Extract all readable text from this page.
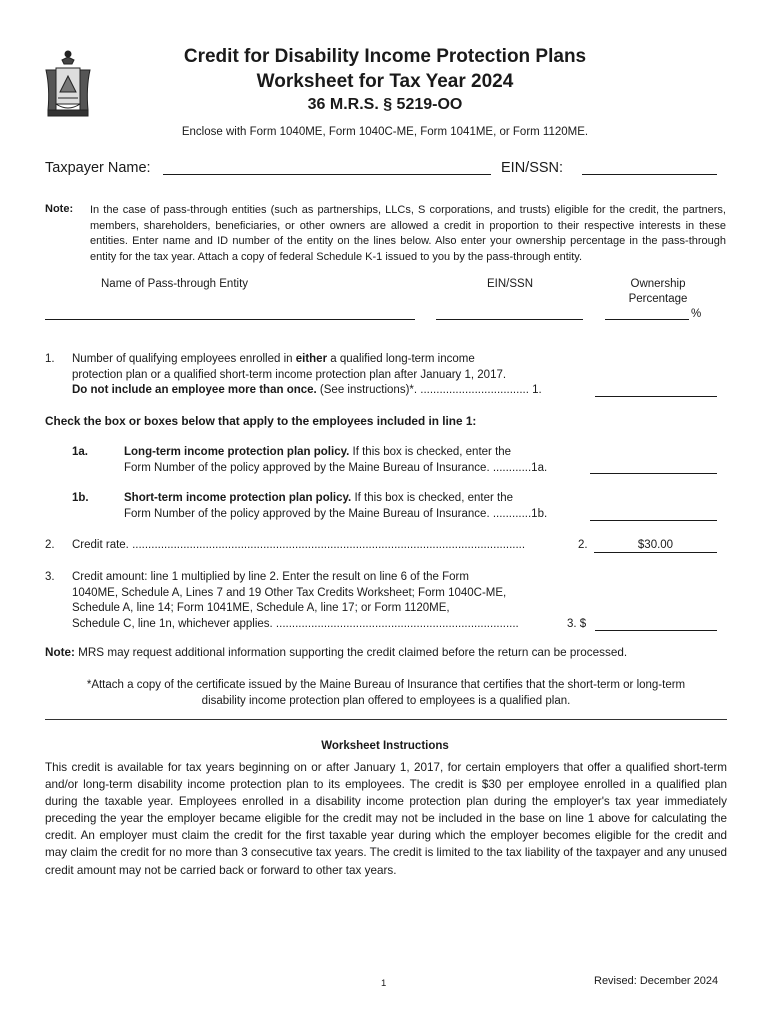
Credit for Disability Income Protection Plans
Worksheet for Tax Year 2024
36 M.R.S. § 5219-OO
Enclose with Form 1040ME, Form 1040C-ME, Form 1041ME, or Form 1120ME.
Taxpayer Name:	EIN/SSN:
Note: In the case of pass-through entities (such as partnerships, LLCs, S corporations, and trusts) eligible for the credit, the partners, members, shareholders, beneficiaries, or other owners are allowed a credit in proportion to their respective interests in these entities. Enter name and ID number of the entity on the lines below. Also enter your ownership percentage in the pass-through entity for the tax year. Attach a copy of federal Schedule K-1 issued to you by the pass-through entity.
Name of Pass-through Entity	EIN/SSN	Ownership
Percentage
%
1. Number of qualifying employees enrolled in either a qualified long-term income
protection plan or a qualified short-term income protection plan after January 1, 2017.
Do not include an employee more than once. (See instructions)*. .................................. 1.
Check the box or boxes below that apply to the employees included in line 1:
1a.	Long-term income protection plan policy. If this box is checked, enter the
Form Number of the policy approved by the Maine Bureau of Insurance. ............1a.
1b.	Short-term income protection plan policy. If this box is checked, enter the
Form Number of the policy approved by the Maine Bureau of Insurance. ............1b.
2. Credit rate. ...........................................................................................................................	2.	$30.00
3. Credit amount: line 1 multiplied by line 2. Enter the result on line 6 of the Form
1040ME, Schedule A, Lines 7 and 19 Other Tax Credits Worksheet; Form 1040C-ME,
Schedule A, line 14; Form 1041ME, Schedule A, line 17; or Form 1120ME,
Schedule C, line 1n, whichever applies. ............................................................................	3. $
Note: MRS may request additional information supporting the credit claimed before the return can be processed.
*Attach a copy of the certificate issued by the Maine Bureau of Insurance that certifies that the short-term or long-term
disability income protection plan offered to employees is a qualified plan.
Worksheet Instructions
This credit is available for tax years beginning on or after January 1, 2017, for certain employers that offer a qualified short-term and/or long-term disability income protection plan to its employees. The credit is $30 per employee enrolled in a qualified plan during the taxable year. Employees enrolled in a disability income protection plan during the employer's tax year immediately preceding the year the employer became eligible for the credit may not be included in the base on line 1 above for calculating the credit. An employer must claim the credit for the first taxable year during which the employer becomes eligible for the credit and may claim the credit for no more than 3 consecutive tax years. The credit is limited to the tax liability of the taxpayer and any unused credit amount may not be carried back or forward to other tax years.
1	Revised: December 2024
